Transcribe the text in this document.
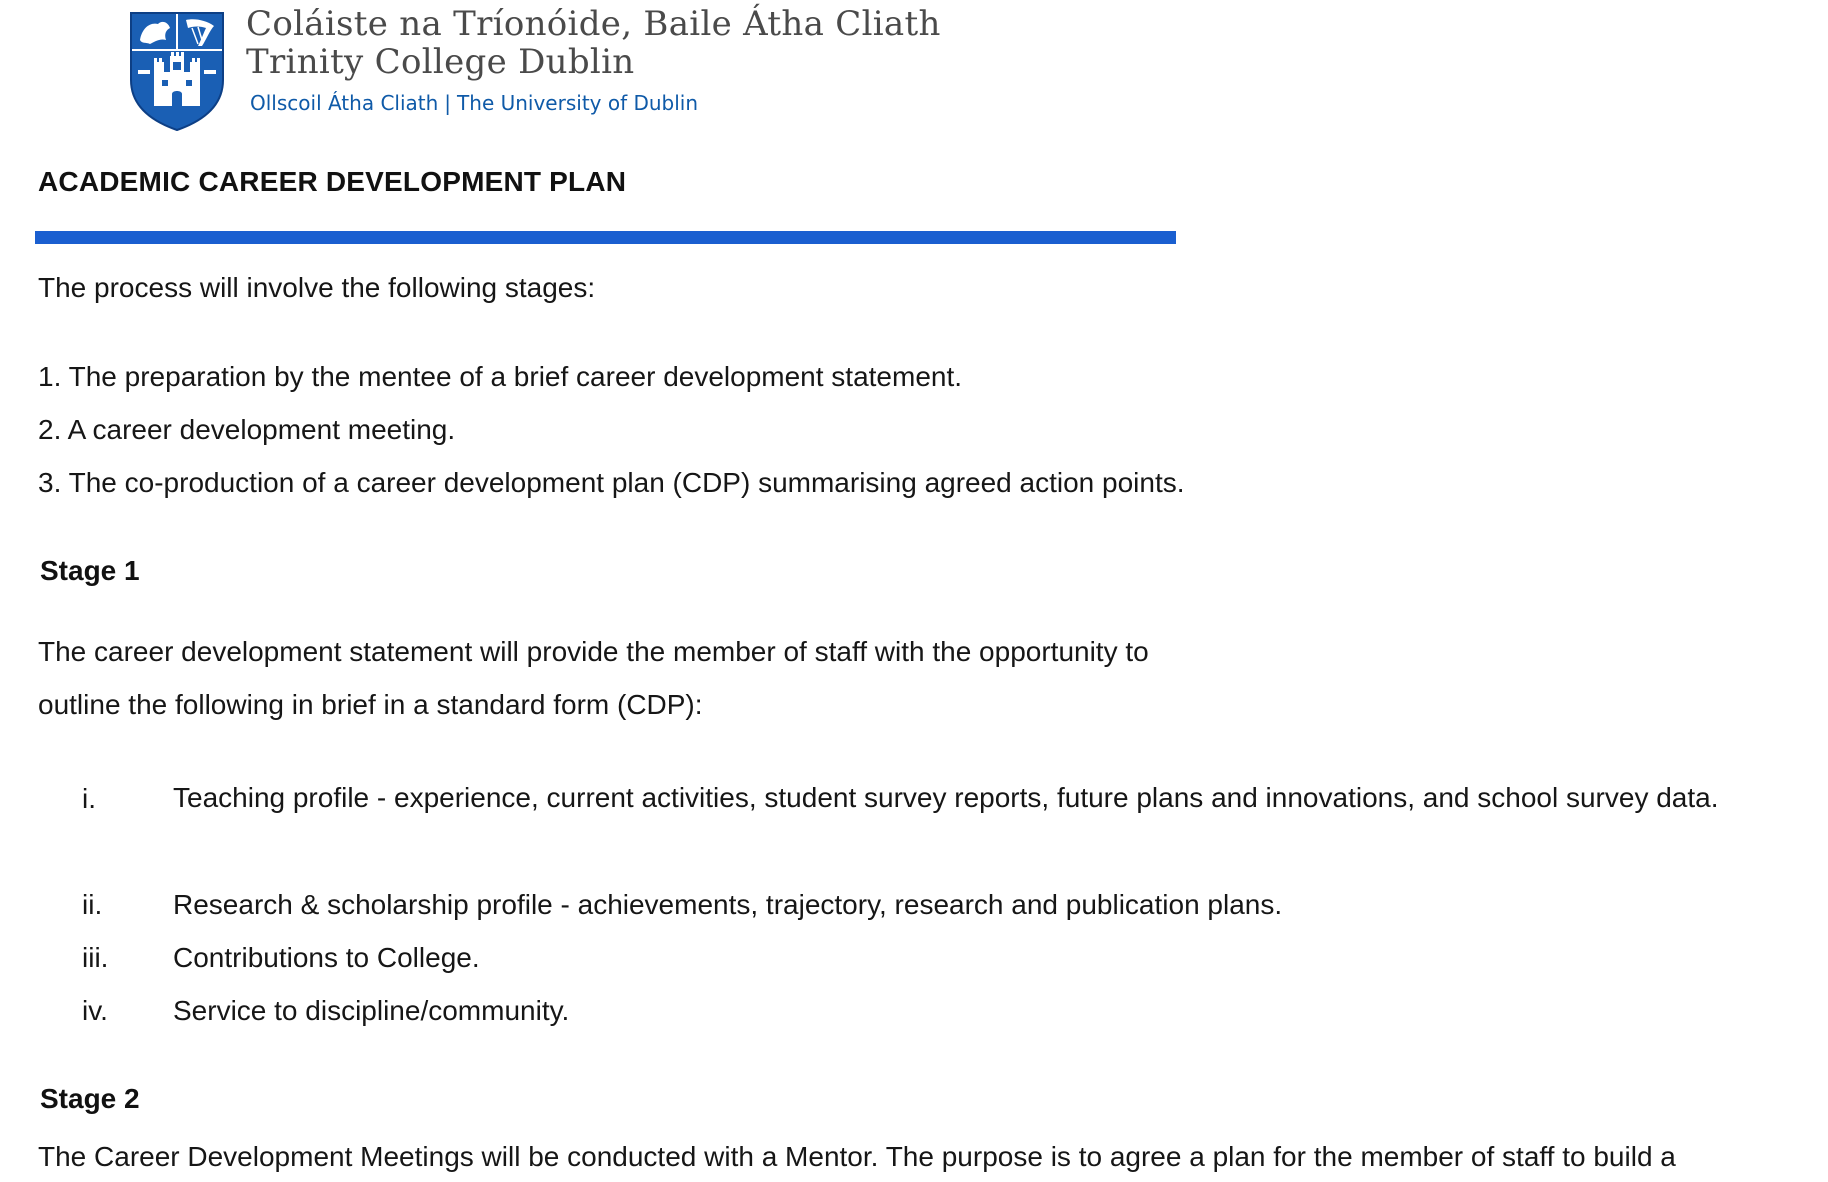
Coláiste na Tríonóide, Baile Átha Cliath
Trinity College Dublin
Ollscoil Átha Cliath | The University of Dublin
ACADEMIC CAREER DEVELOPMENT PLAN
The process will involve the following stages:
1. The preparation by the mentee of a brief career development statement.
2. A career development meeting.
3. The co-production of a career development plan (CDP) summarising agreed action points.
Stage 1
The career development statement will provide the member of staff with the opportunity to
outline the following in brief in a standard form (CDP):
i.	Teaching profile - experience, current activities, student survey reports, future plans and innovations, and school survey data.
ii.	Research & scholarship profile - achievements, trajectory, research and publication plans.
iii. Contributions to College.
iv. Service to discipline/community.
Stage 2
The Career Development Meetings will be conducted with a Mentor. The purpose is to agree a plan for the member of staff to build a
